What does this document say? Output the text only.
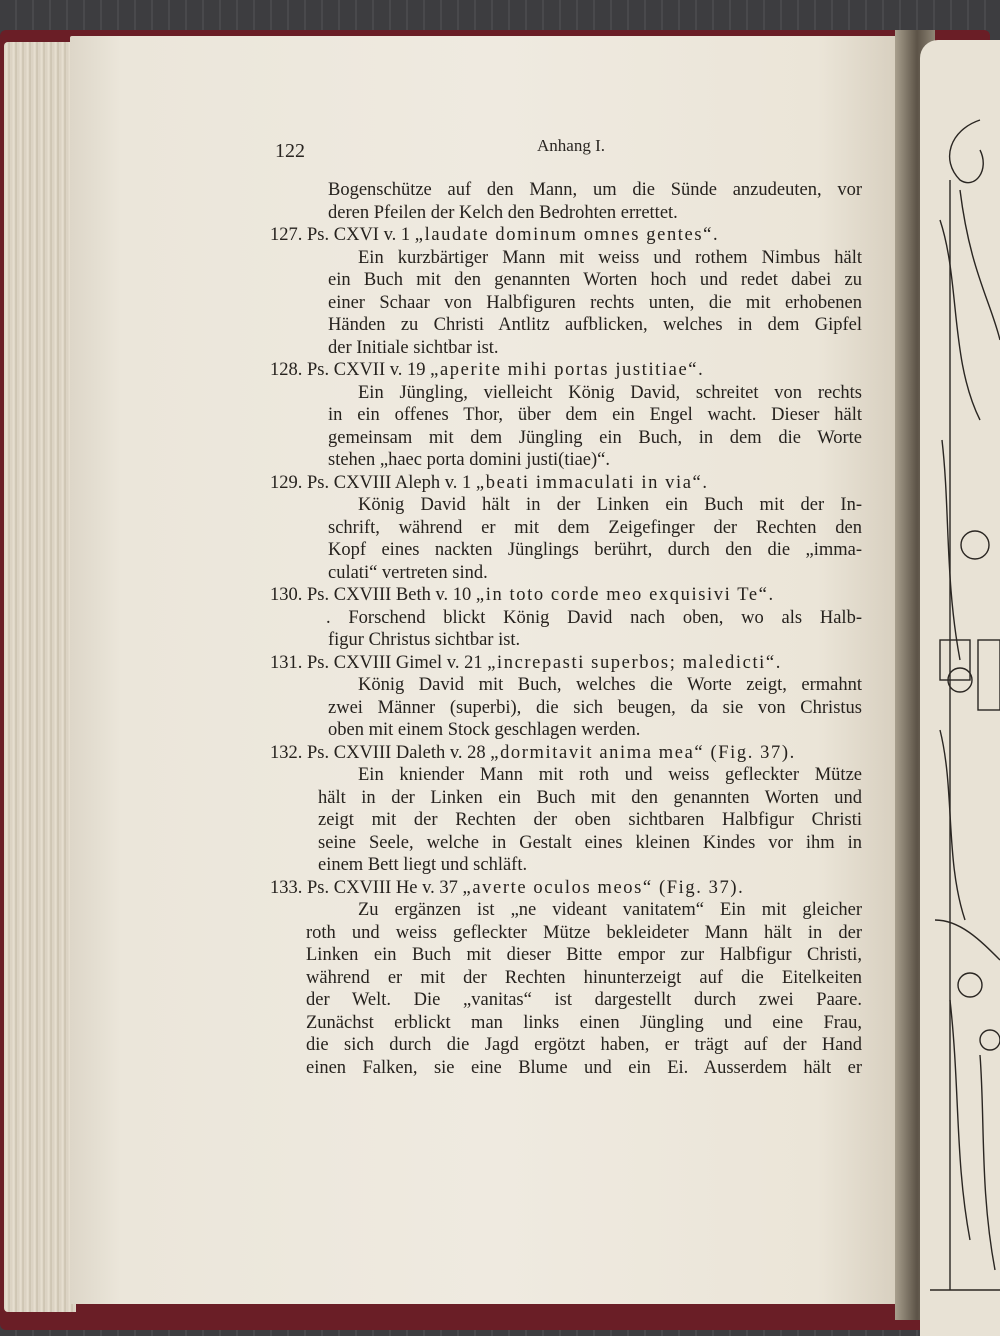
122	Anhang I.
Bogenschütze auf den Mann, um die Sünde anzudeuten, vor
deren Pfeilen der Kelch den Bedrohten errettet.
127. Ps. CXVI v. 1 „laudate dominum omnes gentes“.
Ein kurzbärtiger Mann mit weiss und rothem Nimbus hält
ein Buch mit den genannten Worten hoch und redet dabei zu
einer Schaar von Halbfiguren rechts unten, die mit erhobenen
Händen zu Christi Antlitz aufblicken, welches in dem Gipfel
der Initiale sichtbar ist.
128. Ps. CXVII v. 19 „aperite mihi portas justitiae“.
Ein Jüngling, vielleicht König David, schreitet von rechts
in ein offenes Thor, über dem ein Engel wacht. Dieser hält
gemeinsam mit dem Jüngling ein Buch, in dem die Worte
stehen „haec porta domini justi(tiae)“.
129. Ps. CXVIII Aleph v. 1 „beati immaculati in via“.
König David hält in der Linken ein Buch mit der In-
schrift, während er mit dem Zeigefinger der Rechten den
Kopf eines nackten Jünglings berührt, durch den die „imma-
culati“ vertreten sind.
130. Ps. CXVIII Beth v. 10 „in toto corde meo exquisivi Te“.
. Forschend blickt König David nach oben, wo als Halb-
figur Christus sichtbar ist.
131. Ps. CXVIII Gimel v. 21 „increpasti superbos; maledicti“.
König David mit Buch, welches die Worte zeigt, ermahnt
zwei Männer (superbi), die sich beugen, da sie von Christus
oben mit einem Stock geschlagen werden.
132. Ps. CXVIII Daleth v. 28 „dormitavit anima mea“ (Fig. 37).
Ein kniender Mann mit roth und weiss gefleckter Mütze
hält in der Linken ein Buch mit den genannten Worten und
zeigt mit der Rechten der oben sichtbaren Halbfigur Christi
seine Seele, welche in Gestalt eines kleinen Kindes vor ihm in
einem Bett liegt und schläft.
133. Ps. CXVIII He v. 37 „averte oculos meos“ (Fig. 37).
Zu ergänzen ist „ne videant vanitatem“ Ein mit gleicher
roth und weiss gefleckter Mütze bekleideter Mann hält in der
Linken ein Buch mit dieser Bitte empor zur Halbfigur Christi,
während er mit der Rechten hinunterzeigt auf die Eitelkeiten
der Welt. Die „vanitas“ ist dargestellt durch zwei Paare.
Zunächst erblickt man links einen Jüngling und eine Frau,
die sich durch die Jagd ergötzt haben, er trägt auf der Hand
einen Falken, sie eine Blume und ein Ei. Ausserdem hält er
